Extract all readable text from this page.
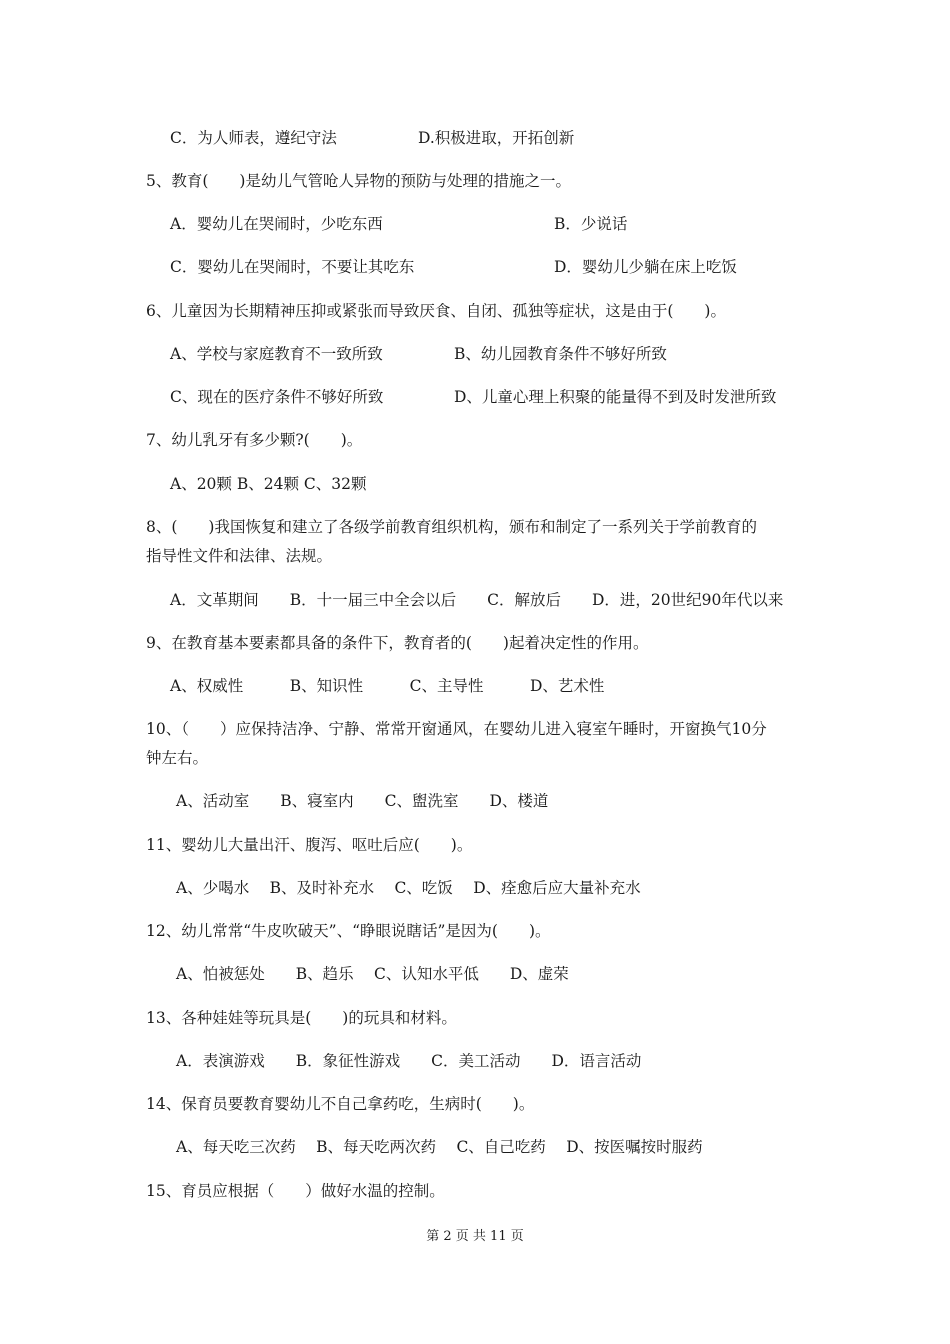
C．为人师表，遵纪守法	D.积极进取，开拓创新
5、教育(　　)是幼儿气管呛人异物的预防与处理的措施之一。
A．婴幼儿在哭闹时，少吃东西	B．少说话
C．婴幼儿在哭闹时，不要让其吃东	D．婴幼儿少躺在床上吃饭
6、儿童因为长期精神压抑或紧张而导致厌食、自闭、孤独等症状，这是由于(　　)。
A、学校与家庭教育不一致所致	B、幼儿园教育条件不够好所致
C、现在的医疗条件不够好所致	D、儿童心理上积聚的能量得不到及时发泄所致
7、幼儿乳牙有多少颗?(　　)。
A、20颗 B、24颗 C、32颗
8、(　　)我国恢复和建立了各级学前教育组织机构，颁布和制定了一系列关于学前教育的
指导性文件和法律、法规。
A．文革期间　　B．十一届三中全会以后　　C．解放后　　D．进，20世纪90年代以来
9、在教育基本要素都具备的条件下，教育者的(　　)起着决定性的作用。
A、权威性　　　B、知识性　　　C、主导性　　　D、艺术性
10、（　　）应保持洁净、宁静、常常开窗通风，在婴幼儿进入寝室午睡时，开窗换气10分
钟左右。
A、活动室　　B、寝室内　　C、盥洗室　　D、楼道
11、婴幼儿大量出汗、腹泻、呕吐后应(　　)。
A、少喝水　 B、及时补充水　 C、吃饭　 D、痊愈后应大量补充水
12、幼儿常常“牛皮吹破天”、“睁眼说瞎话”是因为(　　)。
A、怕被惩处　　B、趋乐　 C、认知水平低　　D、虚荣
13、各种娃娃等玩具是(　　)的玩具和材料。
A．表演游戏　　B．象征性游戏　　C．美工活动　　D．语言活动
14、保育员要教育婴幼儿不自己拿药吃，生病时(　　)。
A、每天吃三次药　 B、每天吃两次药　 C、自己吃药　 D、按医嘱按时服药
15、育员应根据（　　）做好水温的控制。
第 2 页 共 11 页
